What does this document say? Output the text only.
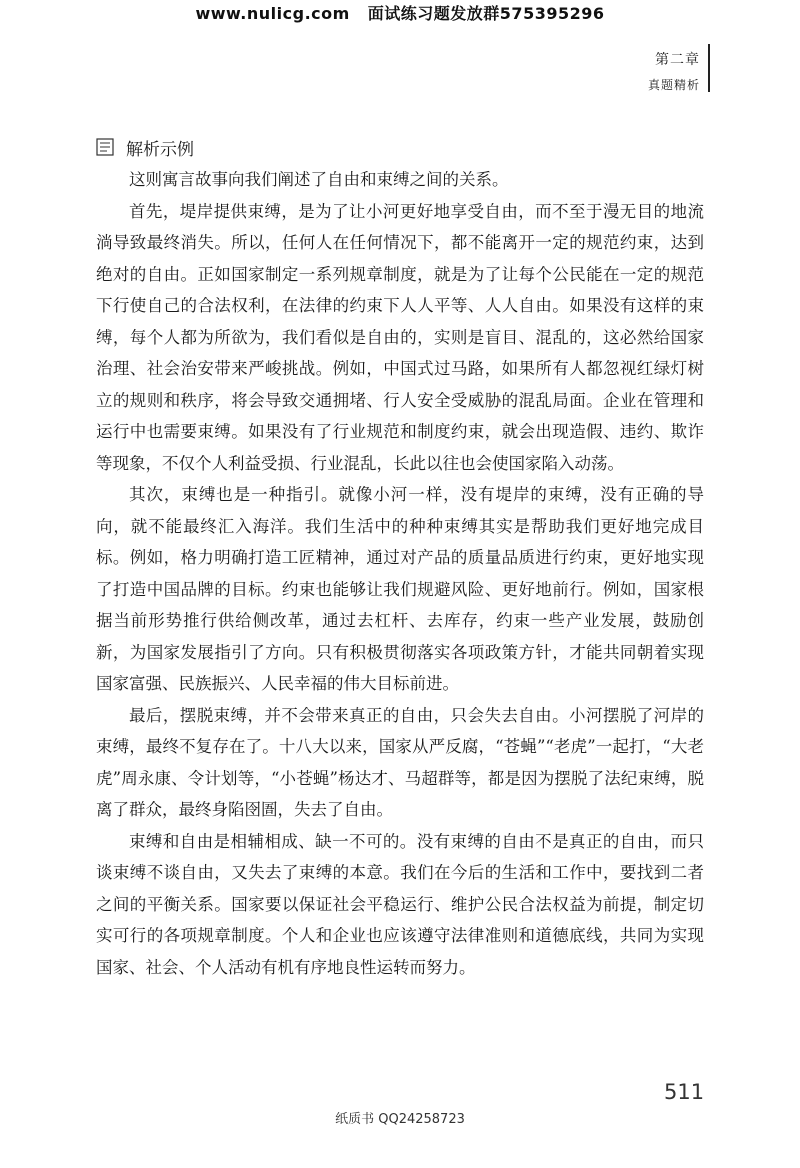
www.nulicg.com 面试练习题发放群575395296
第二章
真题精析
解析示例

这则寓言故事向我们阐述了自由和束缚之间的关系。

首先，堤岸提供束缚，是为了让小河更好地享受自由，而不至于漫无目的地流淌导致最终消失。所以，任何人在任何情况下，都不能离开一定的规范约束，达到绝对的自由。正如国家制定一系列规章制度，就是为了让每个公民能在一定的规范下行使自己的合法权利，在法律的约束下人人平等、人人自由。如果没有这样的束缚，每个人都为所欲为，我们看似是自由的，实则是盲目、混乱的，这必然给国家治理、社会治安带来严峻挑战。例如，中国式过马路，如果所有人都忽视红绿灯树立的规则和秩序，将会导致交通拥堵、行人安全受威胁的混乱局面。企业在管理和运行中也需要束缚。如果没有了行业规范和制度约束，就会出现造假、违约、欺诈等现象，不仅个人利益受损、行业混乱，长此以往也会使国家陷入动荡。

其次，束缚也是一种指引。就像小河一样，没有堤岸的束缚，没有正确的导向，就不能最终汇入海洋。我们生活中的种种束缚其实是帮助我们更好地完成目标。例如，格力明确打造工匠精神，通过对产品的质量品质进行约束，更好地实现了打造中国品牌的目标。约束也能够让我们规避风险、更好地前行。例如，国家根据当前形势推行供给侧改革，通过去杠杆、去库存，约束一些产业发展，鼓励创新，为国家发展指引了方向。只有积极贯彻落实各项政策方针，才能共同朝着实现国家富强、民族振兴、人民幸福的伟大目标前进。

最后，摆脱束缚，并不会带来真正的自由，只会失去自由。小河摆脱了河岸的束缚，最终不复存在了。十八大以来，国家从严反腐，“苍蝇”“老虎”一起打，“大老虎”周永康、令计划等，“小苍蝇”杨达才、马超群等，都是因为摆脱了法纪束缚，脱离了群众，最终身陷囹圄，失去了自由。

束缚和自由是相辅相成、缺一不可的。没有束缚的自由不是真正的自由，而只谈束缚不谈自由，又失去了束缚的本意。我们在今后的生活和工作中，要找到二者之间的平衡关系。国家要以保证社会平稳运行、维护公民合法权益为前提，制定切实可行的各项规章制度。个人和企业也应该遵守法律准则和道德底线，共同为实现国家、社会、个人活动有机有序地良性运转而努力。

511
纸质书 QQ24258723
